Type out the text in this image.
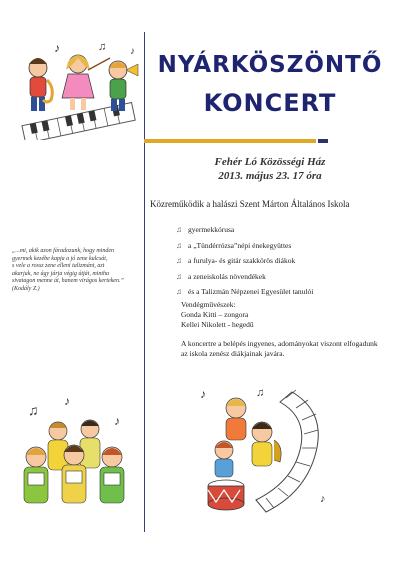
NYÁRKÖSZÖNTŐ
KONCERT
Fehér Ló Közösségi Ház
2013. május 23. 17 óra
Közreműködik a halászi Szent Márton Általános Iskola
♫ gyermekkórusa
♫ a „Tündérrózsa”népi énekegyüttes
♫ a furulya- és gitár szakkörös diákok
♫ a zeneiskolás növendékek
♫ és a Talizmán Népzenei Egyesület tanulói
Vendégművészek:
Gonda Kitti – zongora
Kellei Nikolett - hegedű
A koncertre a belépés ingyenes, adományokat viszont elfogadunk az iskola zenész diákjainak javára.
„...mi, akik azon fáradozunk, hogy minden
gyermek kezébe kapja a jó zene kulcsát,
s vele a rossz zene elleni talizmánt, azt
akarjuk, ne úgy járja végig útját, mintha
sivatagon menne át, hanem virágos kerteken.”
(Kodály Z.)
♪	♫ ♪
♫
♪
♪
♪	♫
♪
